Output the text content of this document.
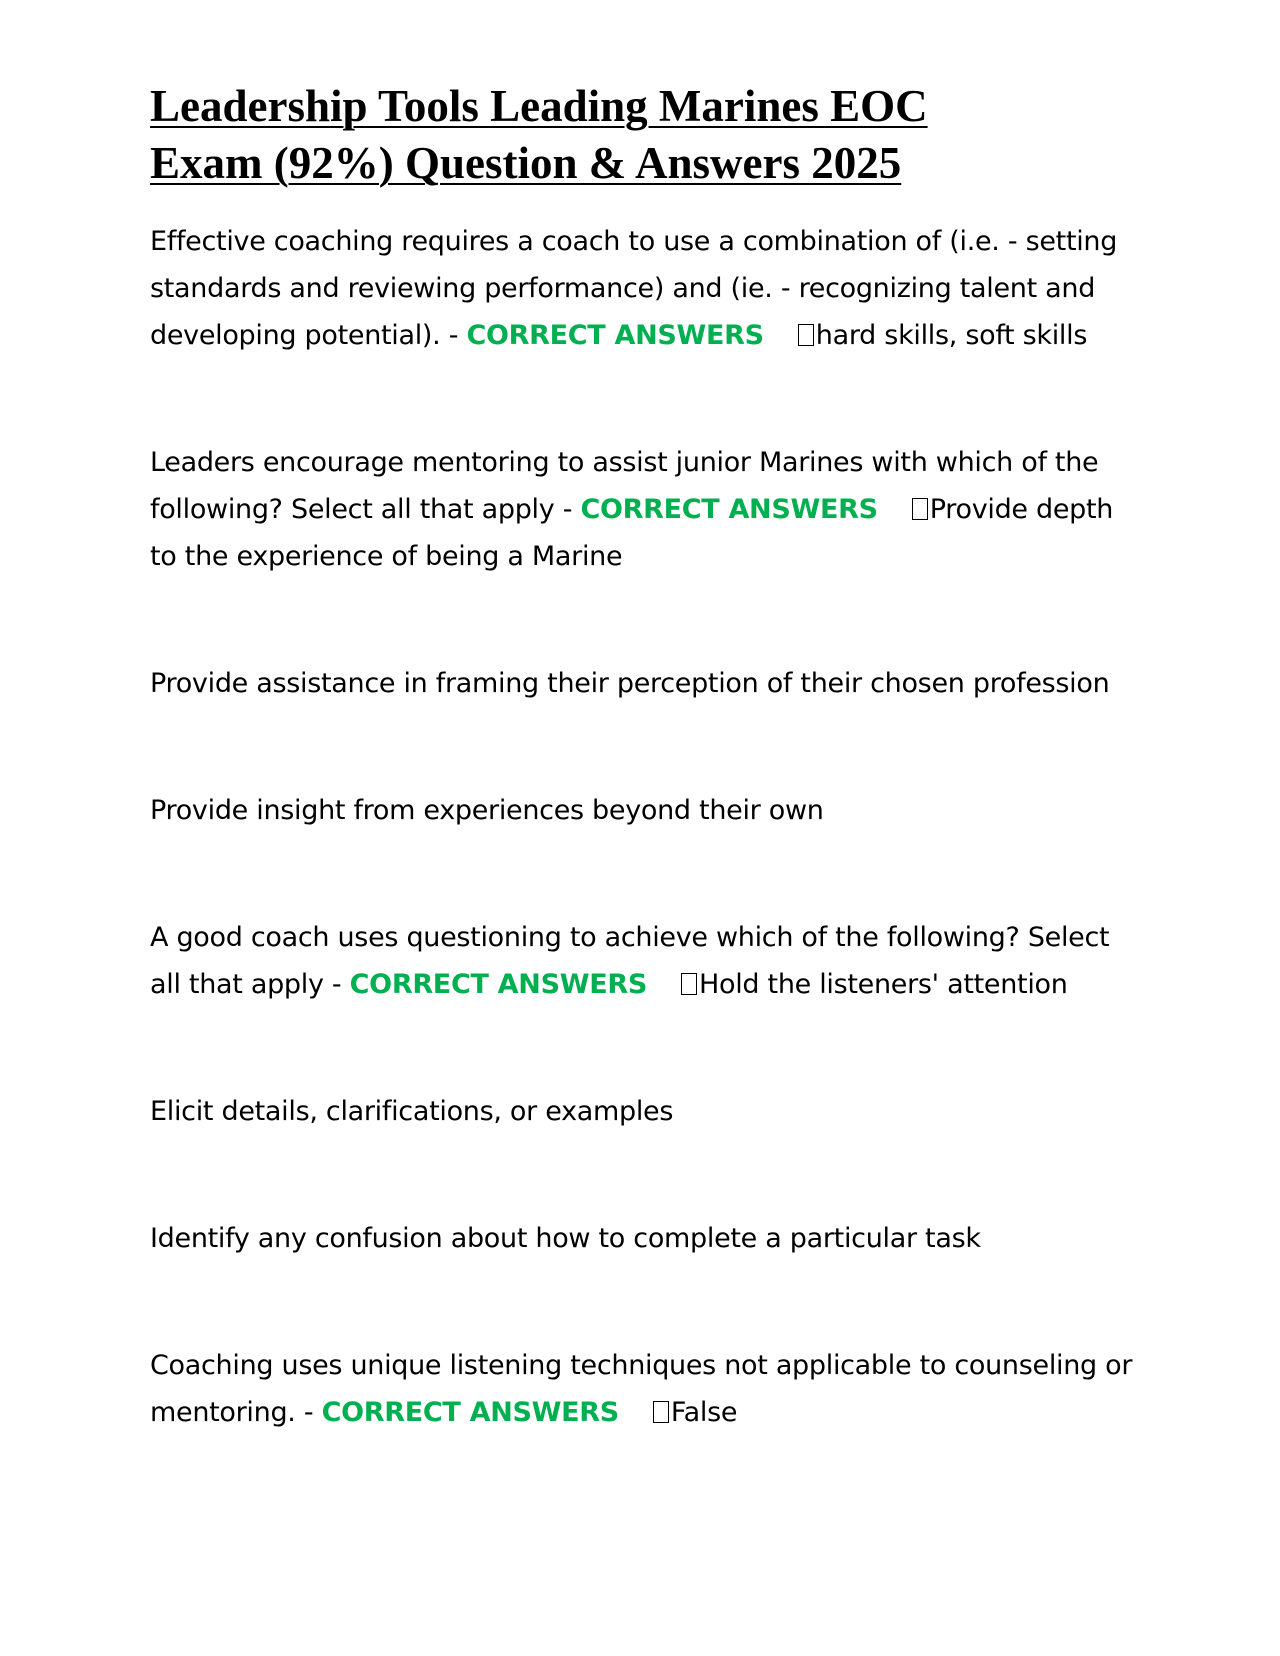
Leadership Tools Leading Marines EOC
Exam (92%) Question & Answers 2025

Effective coaching requires a coach to use a combination of (i.e. - setting standards and reviewing performance) and (ie. - recognizing talent and developing potential). - CORRECT ANSWERS hard skills, soft skills

Leaders encourage mentoring to assist junior Marines with which of the following? Select all that apply - CORRECT ANSWERS Provide depth to the experience of being a Marine

Provide assistance in framing their perception of their chosen profession

Provide insight from experiences beyond their own

A good coach uses questioning to achieve which of the following? Select all that apply - CORRECT ANSWERS Hold the listeners' attention

Elicit details, clarifications, or examples

Identify any confusion about how to complete a particular task

Coaching uses unique listening techniques not applicable to counseling or mentoring. - CORRECT ANSWERS False
